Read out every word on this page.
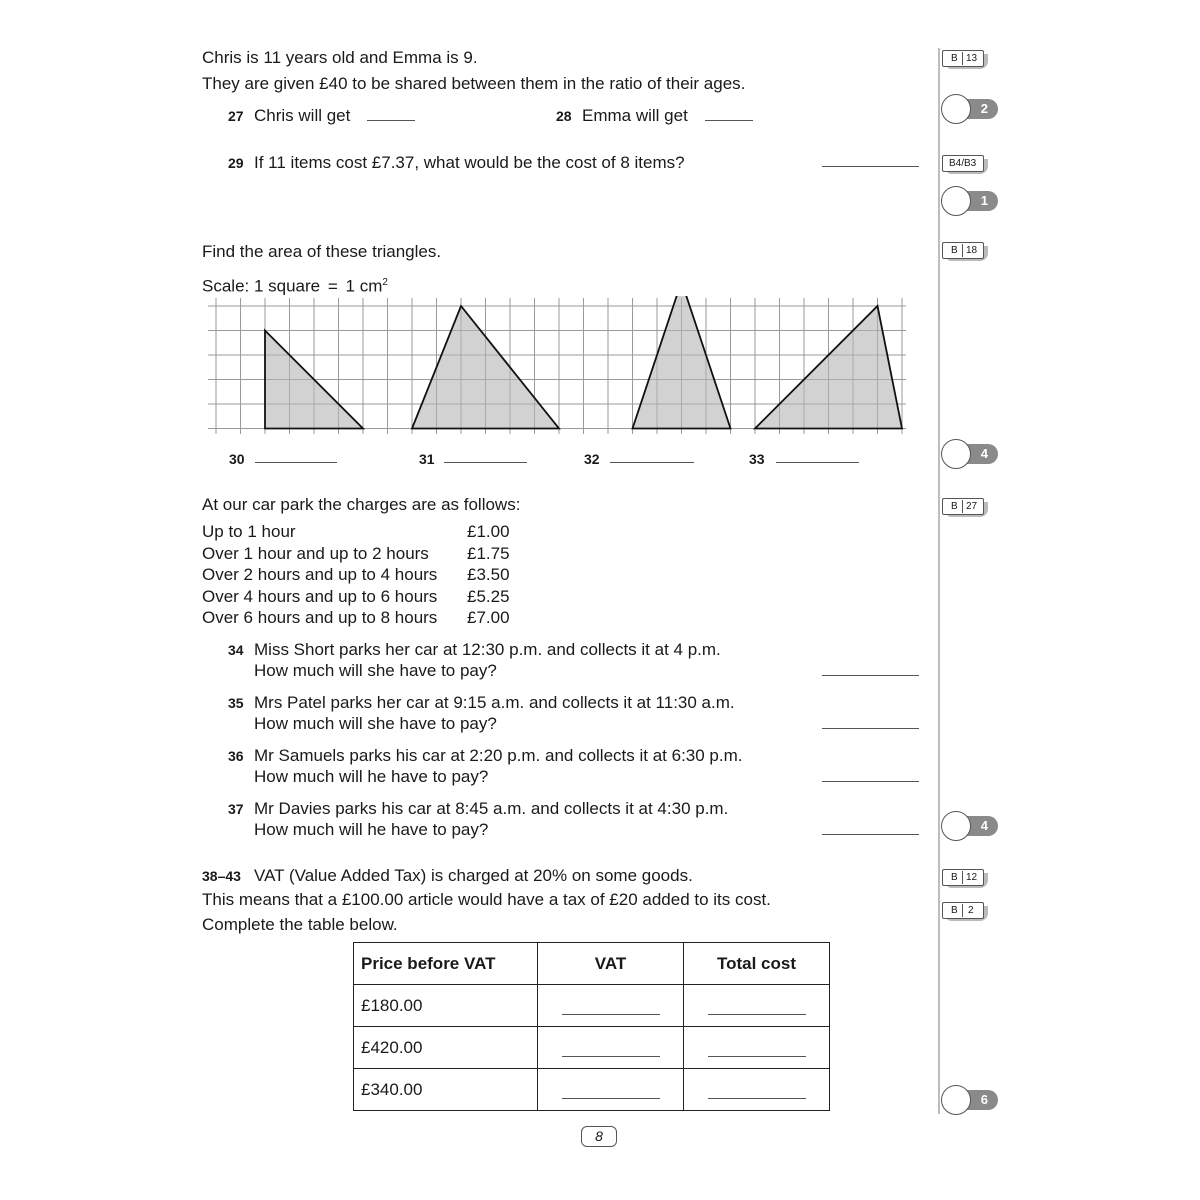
Chris is 11 years old and Emma is 9.
They are given £40 to be shared between them in the ratio of their ages.
27 Chris will get	28 Emma will get
29 If 11 items cost £7.37, what would be the cost of 8 items?
Find the area of these triangles.
Scale: 1 square = 1 $cm^2$
30	31	32	33
At our car park the charges are as follows:
Up to 1 hour	£1.00
Over 1 hour and up to 2 hours £1.75
Over 2 hours and up to 4 hours £3.50
Over 4 hours and up to 6 hours £5.25
Over 6 hours and up to 8 hours £7.00
34 Miss Short parks her car at 12:30 p.m. and collects it at 4 p.m.
How much will she have to pay?
35 Mrs Patel parks her car at 9:15 a.m. and collects it at 11:30 a.m.
How much will she have to pay?
36 Mr Samuels parks his car at 2:20 p.m. and collects it at 6:30 p.m.
How much will he have to pay?
37 Mr Davies parks his car at 8:45 a.m. and collects it at 4:30 p.m.
How much will he have to pay?
38–43 VAT (Value Added Tax) is charged at 20% on some goods.
This means that a £100.00 article would have a tax of £20 added to its cost.
Complete the table below.
Price before VAT	VAT	Total cost
£180.00	

£420.00	

£340.00	

8
B 13
B4/B3
B 18
B 27
B 12
B 2
2
1
4
4
6
